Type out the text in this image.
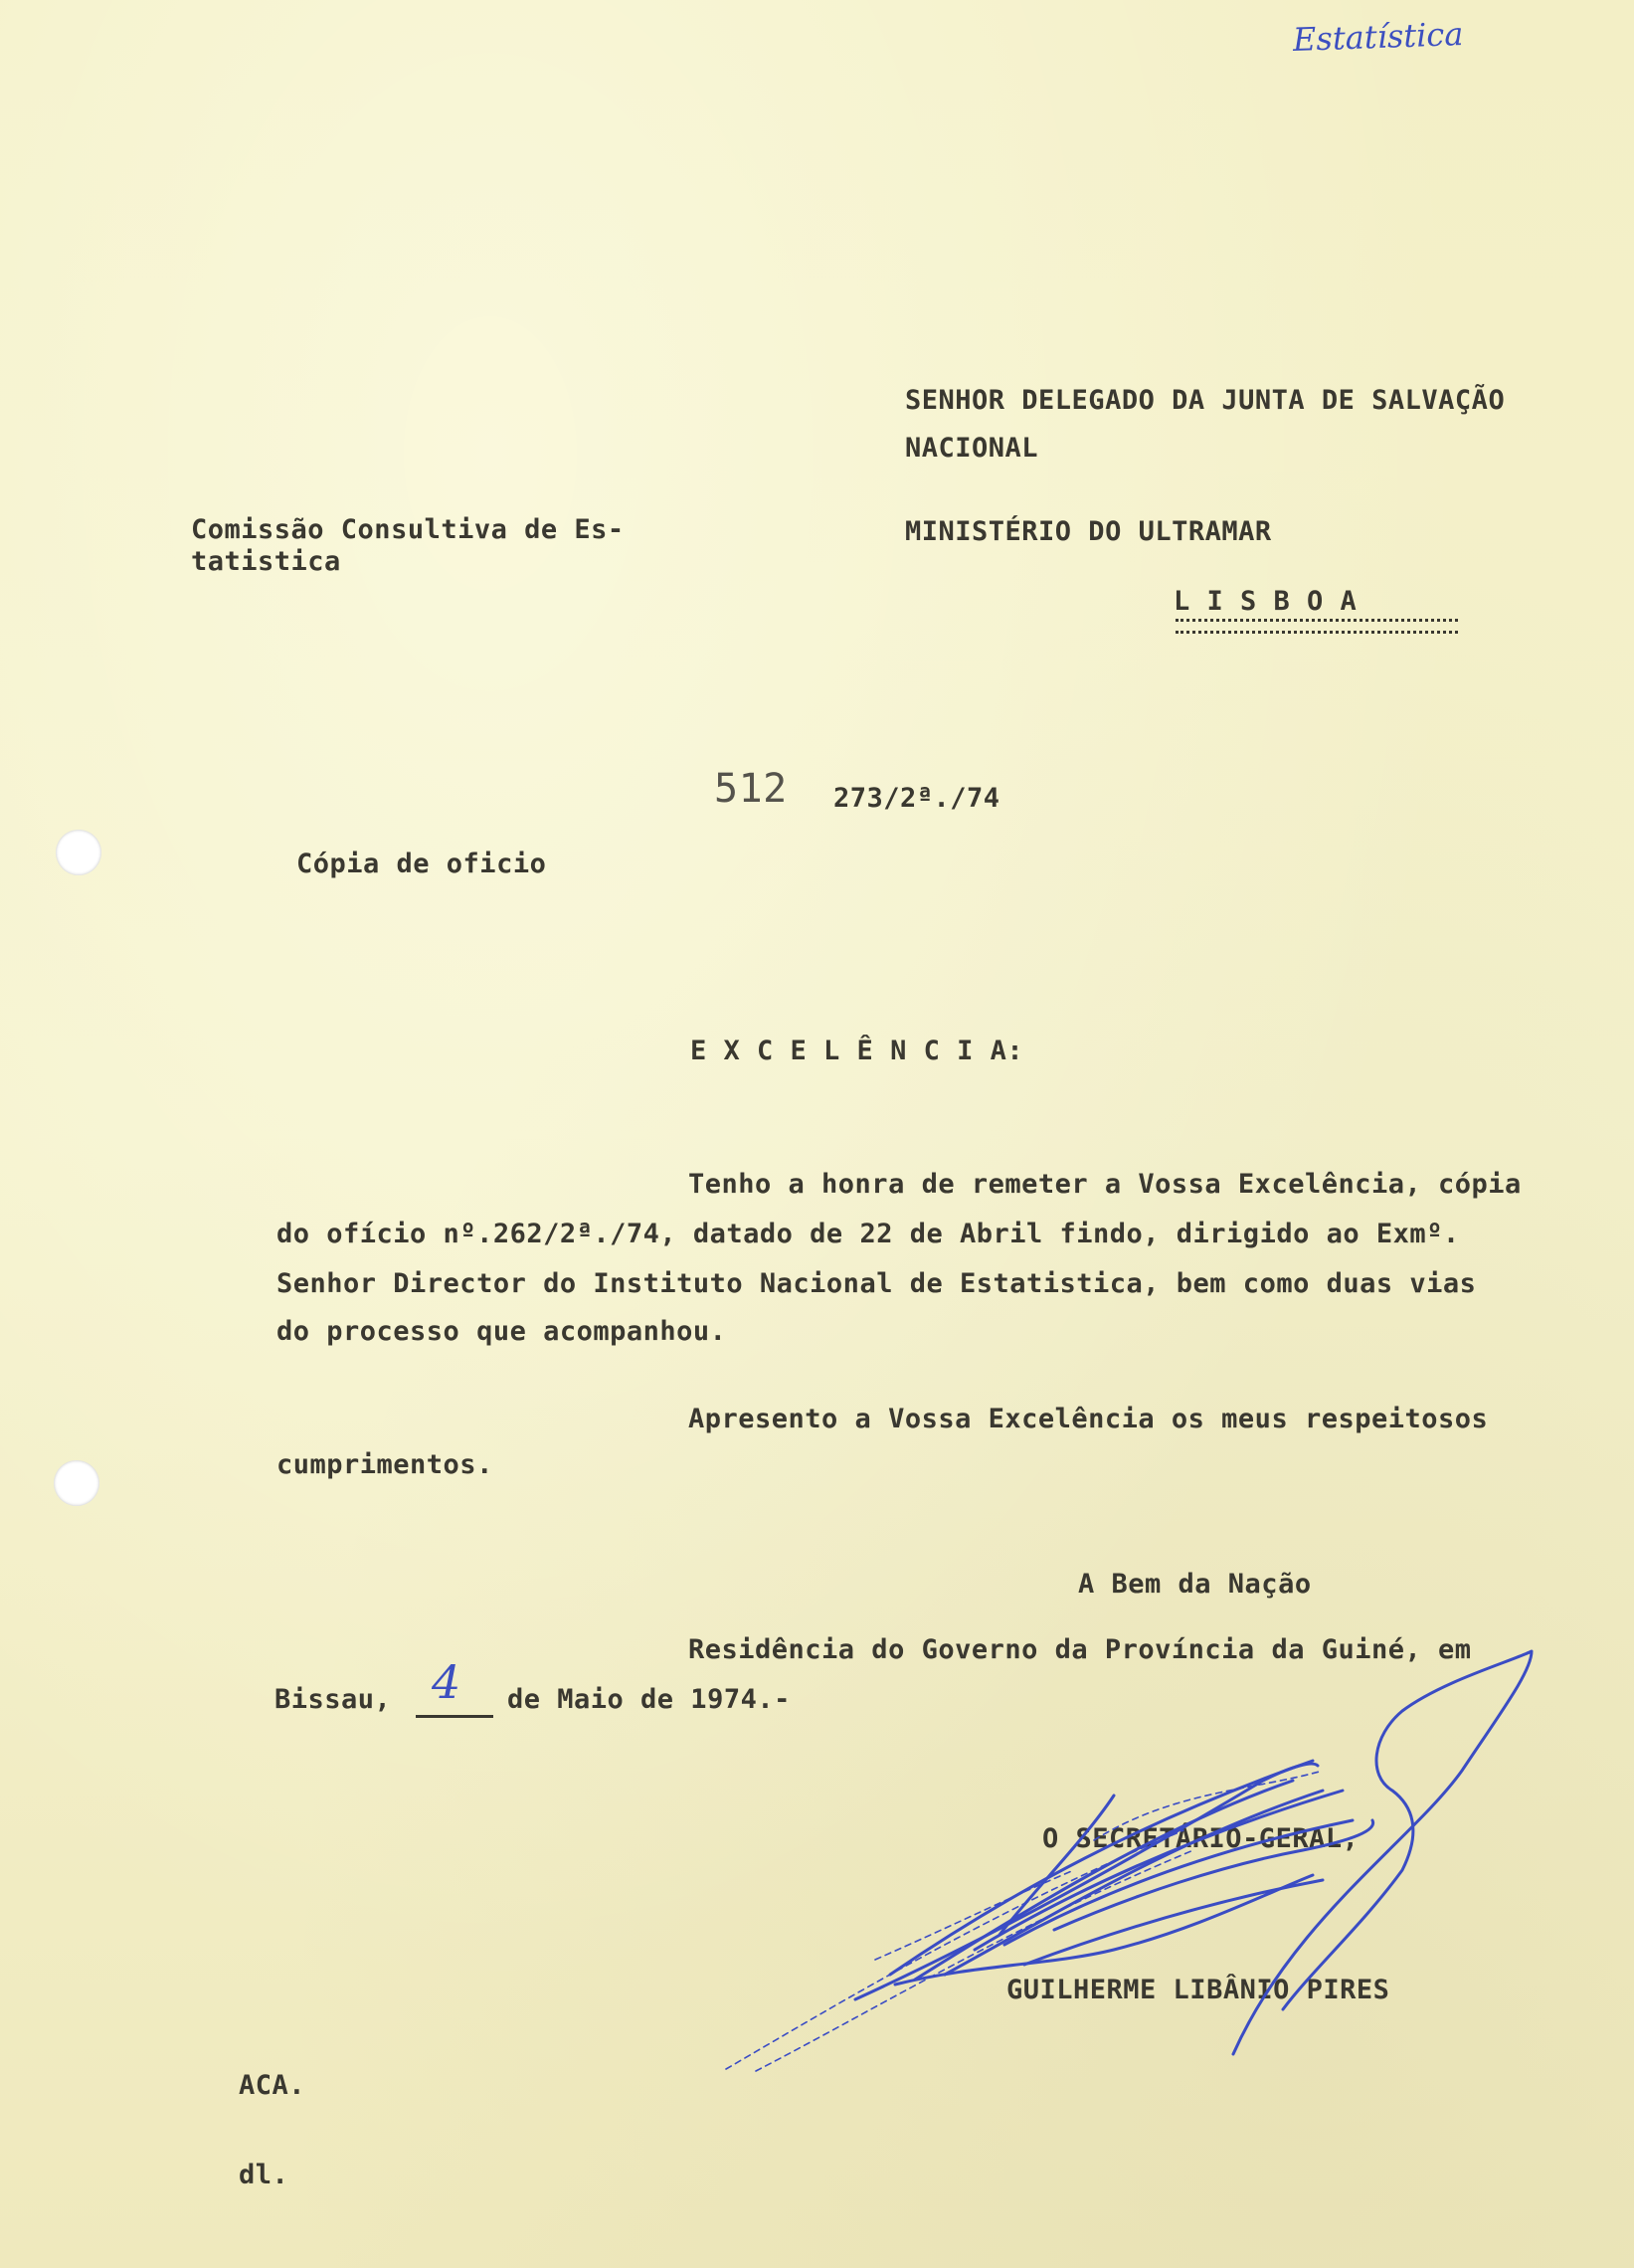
Estatística
SENHOR DELEGADO DA JUNTA DE SALVAÇÃO
NACIONAL
MINISTÉRIO DO ULTRAMAR
L I S B O A
Comissão Consultiva de Es-
tatistica
512 273/2ª./74
Cópia de oficio
E X C E L Ê N C I A:
Tenho a honra de remeter a Vossa Excelência, cópia
do ofício nº.262/2ª./74, datado de 22 de Abril findo, dirigido ao Exmº.
Senhor Director do Instituto Nacional de Estatistica, bem como duas vias
do processo que acompanhou.
Apresento a Vossa Excelência os meus respeitosos
cumprimentos.
A Bem da Nação
Residência do Governo da Província da Guiné, em
Bissau, 4 de Maio de 1974.-
O SECRETÁRIO-GERAL,
GUILHERME LIBÂNIO PIRES
ACA.
dl.
